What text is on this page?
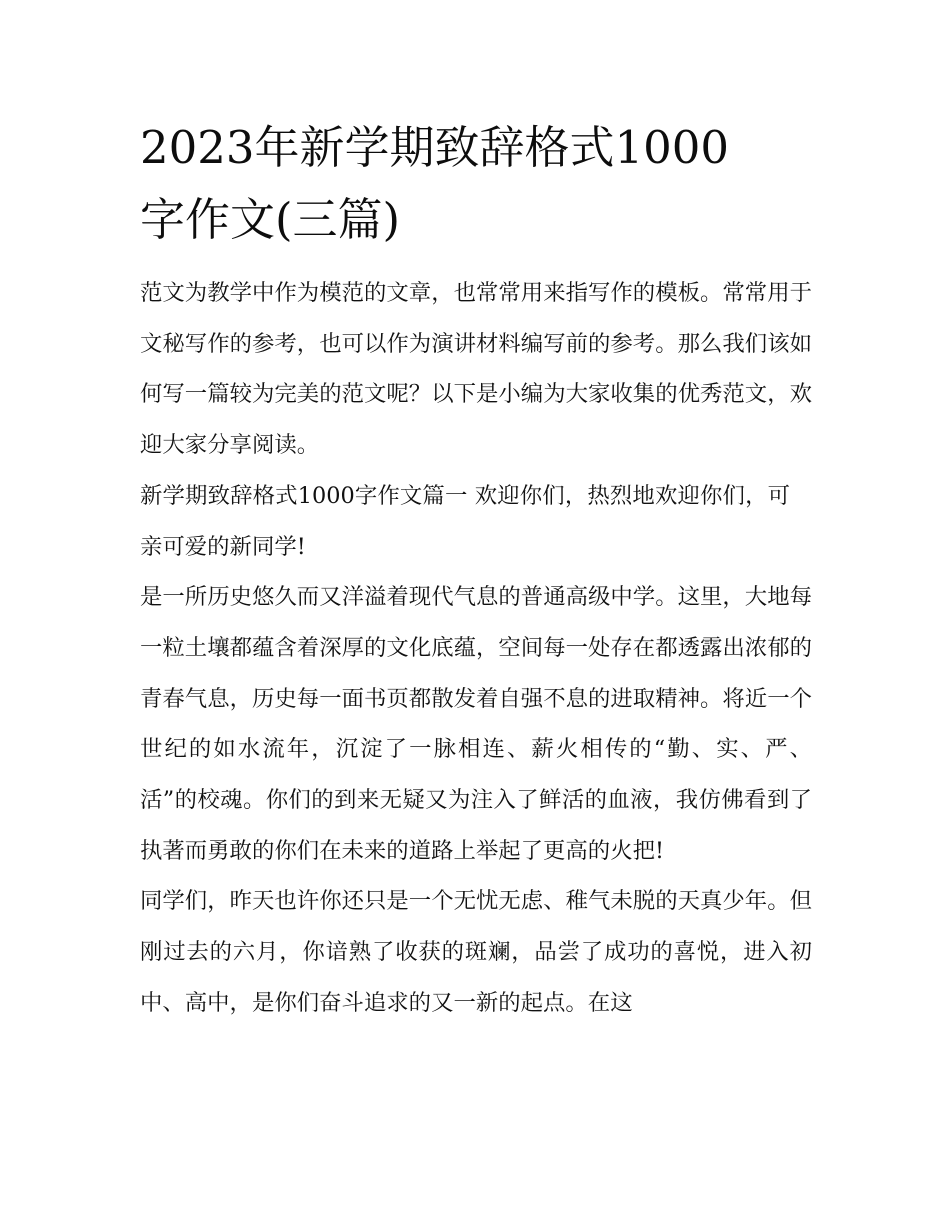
2023年新学期致辞格式1000
字作文(三篇)

范文为教学中作为模范的文章，也常常用来指写作的模板。常常用于文秘写作的参考，也可以作为演讲材料编写前的参考。那么我们该如何写一篇较为完美的范文呢？以下是小编为大家收集的优秀范文，欢迎大家分享阅读。

新学期致辞格式1000字作文篇一 欢迎你们，热烈地欢迎你们，可亲可爱的新同学!

是一所历史悠久而又洋溢着现代气息的普通高级中学。这里，大地每一粒土壤都蕴含着深厚的文化底蕴，空间每一处存在都透露出浓郁的青春气息，历史每一面书页都散发着自强不息的进取精神。将近一个世纪的如水流年，沉淀了一脉相连、薪火相传的“勤、实、严、活”的校魂。你们的到来无疑又为注入了鲜活的血液，我仿佛看到了执著而勇敢的你们在未来的道路上举起了更高的火把!

同学们，昨天也许你还只是一个无忧无虑、稚气未脱的天真少年。但刚过去的六月，你谙熟了收获的斑斓，品尝了成功的喜悦，进入初中、高中，是你们奋斗追求的又一新的起点。在这
